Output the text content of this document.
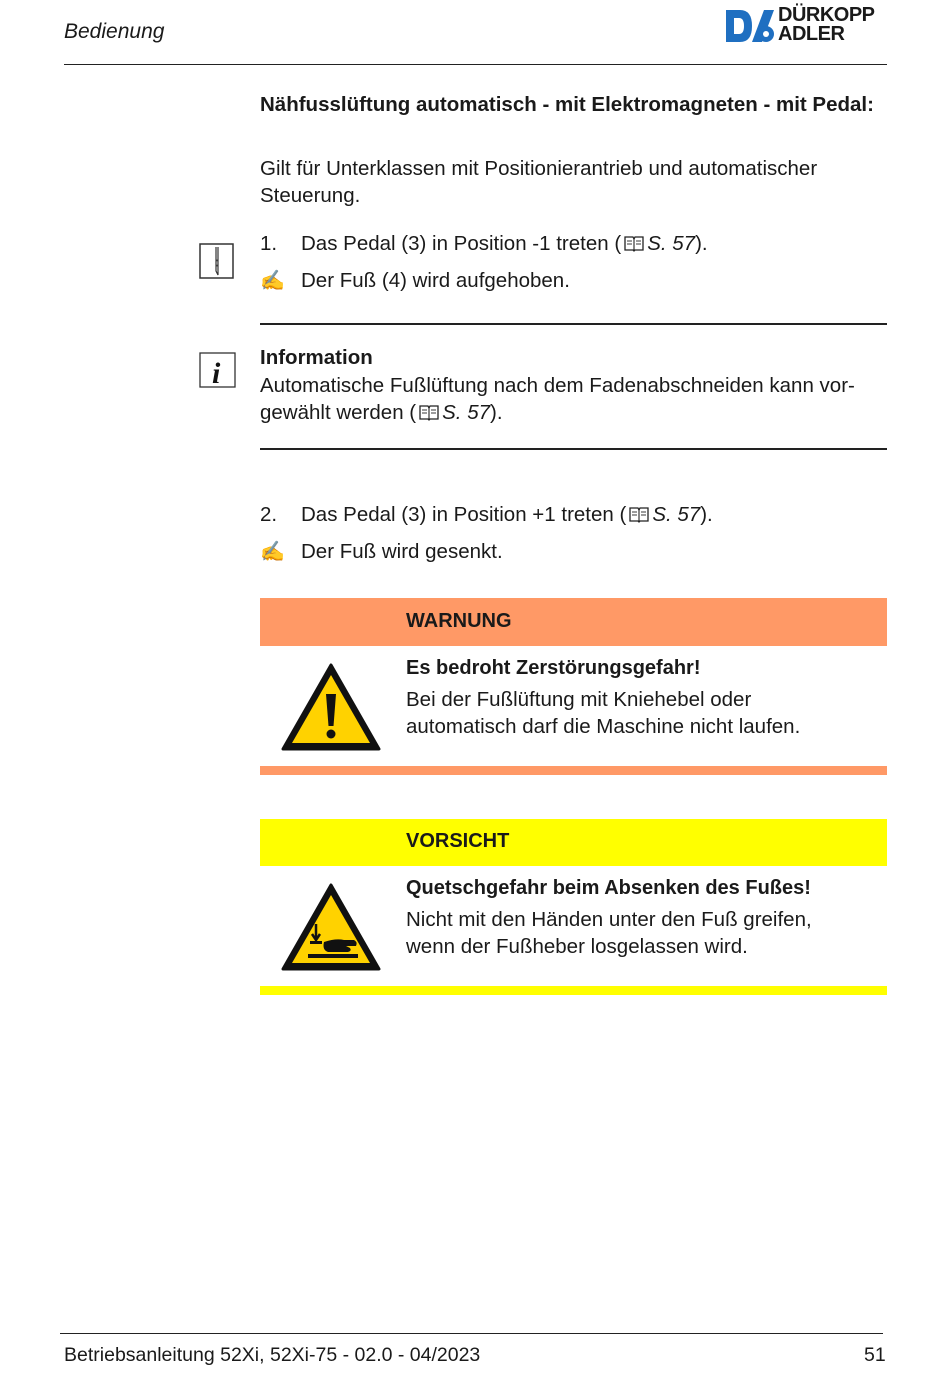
Bedienung
DÜRKOPP
ADLER
Nähfusslüftung automatisch - mit Elektromagneten - mit Pedal:
Gilt für Unterklassen mit Positionierantrieb und automatischer Steuerung.
1. Das Pedal (3) in Position -1 treten ( S. 57).
✍ Der Fuß (4) wird aufgehoben.
i Information
Automatische Fußlüftung nach dem Fadenabschneiden kann vor-
gewählt werden ( S. 57).
2. Das Pedal (3) in Position +1 treten ( S. 57).
✍ Der Fuß wird gesenkt.
WARNUNG
Es bedroht Zerstörungsgefahr!
Bei der Fußlüftung mit Kniehebel oder
automatisch darf die Maschine nicht laufen.
VORSICHT
Quetschgefahr beim Absenken des Fußes!
Nicht mit den Händen unter den Fuß greifen,
wenn der Fußheber losgelassen wird.
Betriebsanleitung 52Xi, 52Xi-75 - 02.0 - 04/2023	51
